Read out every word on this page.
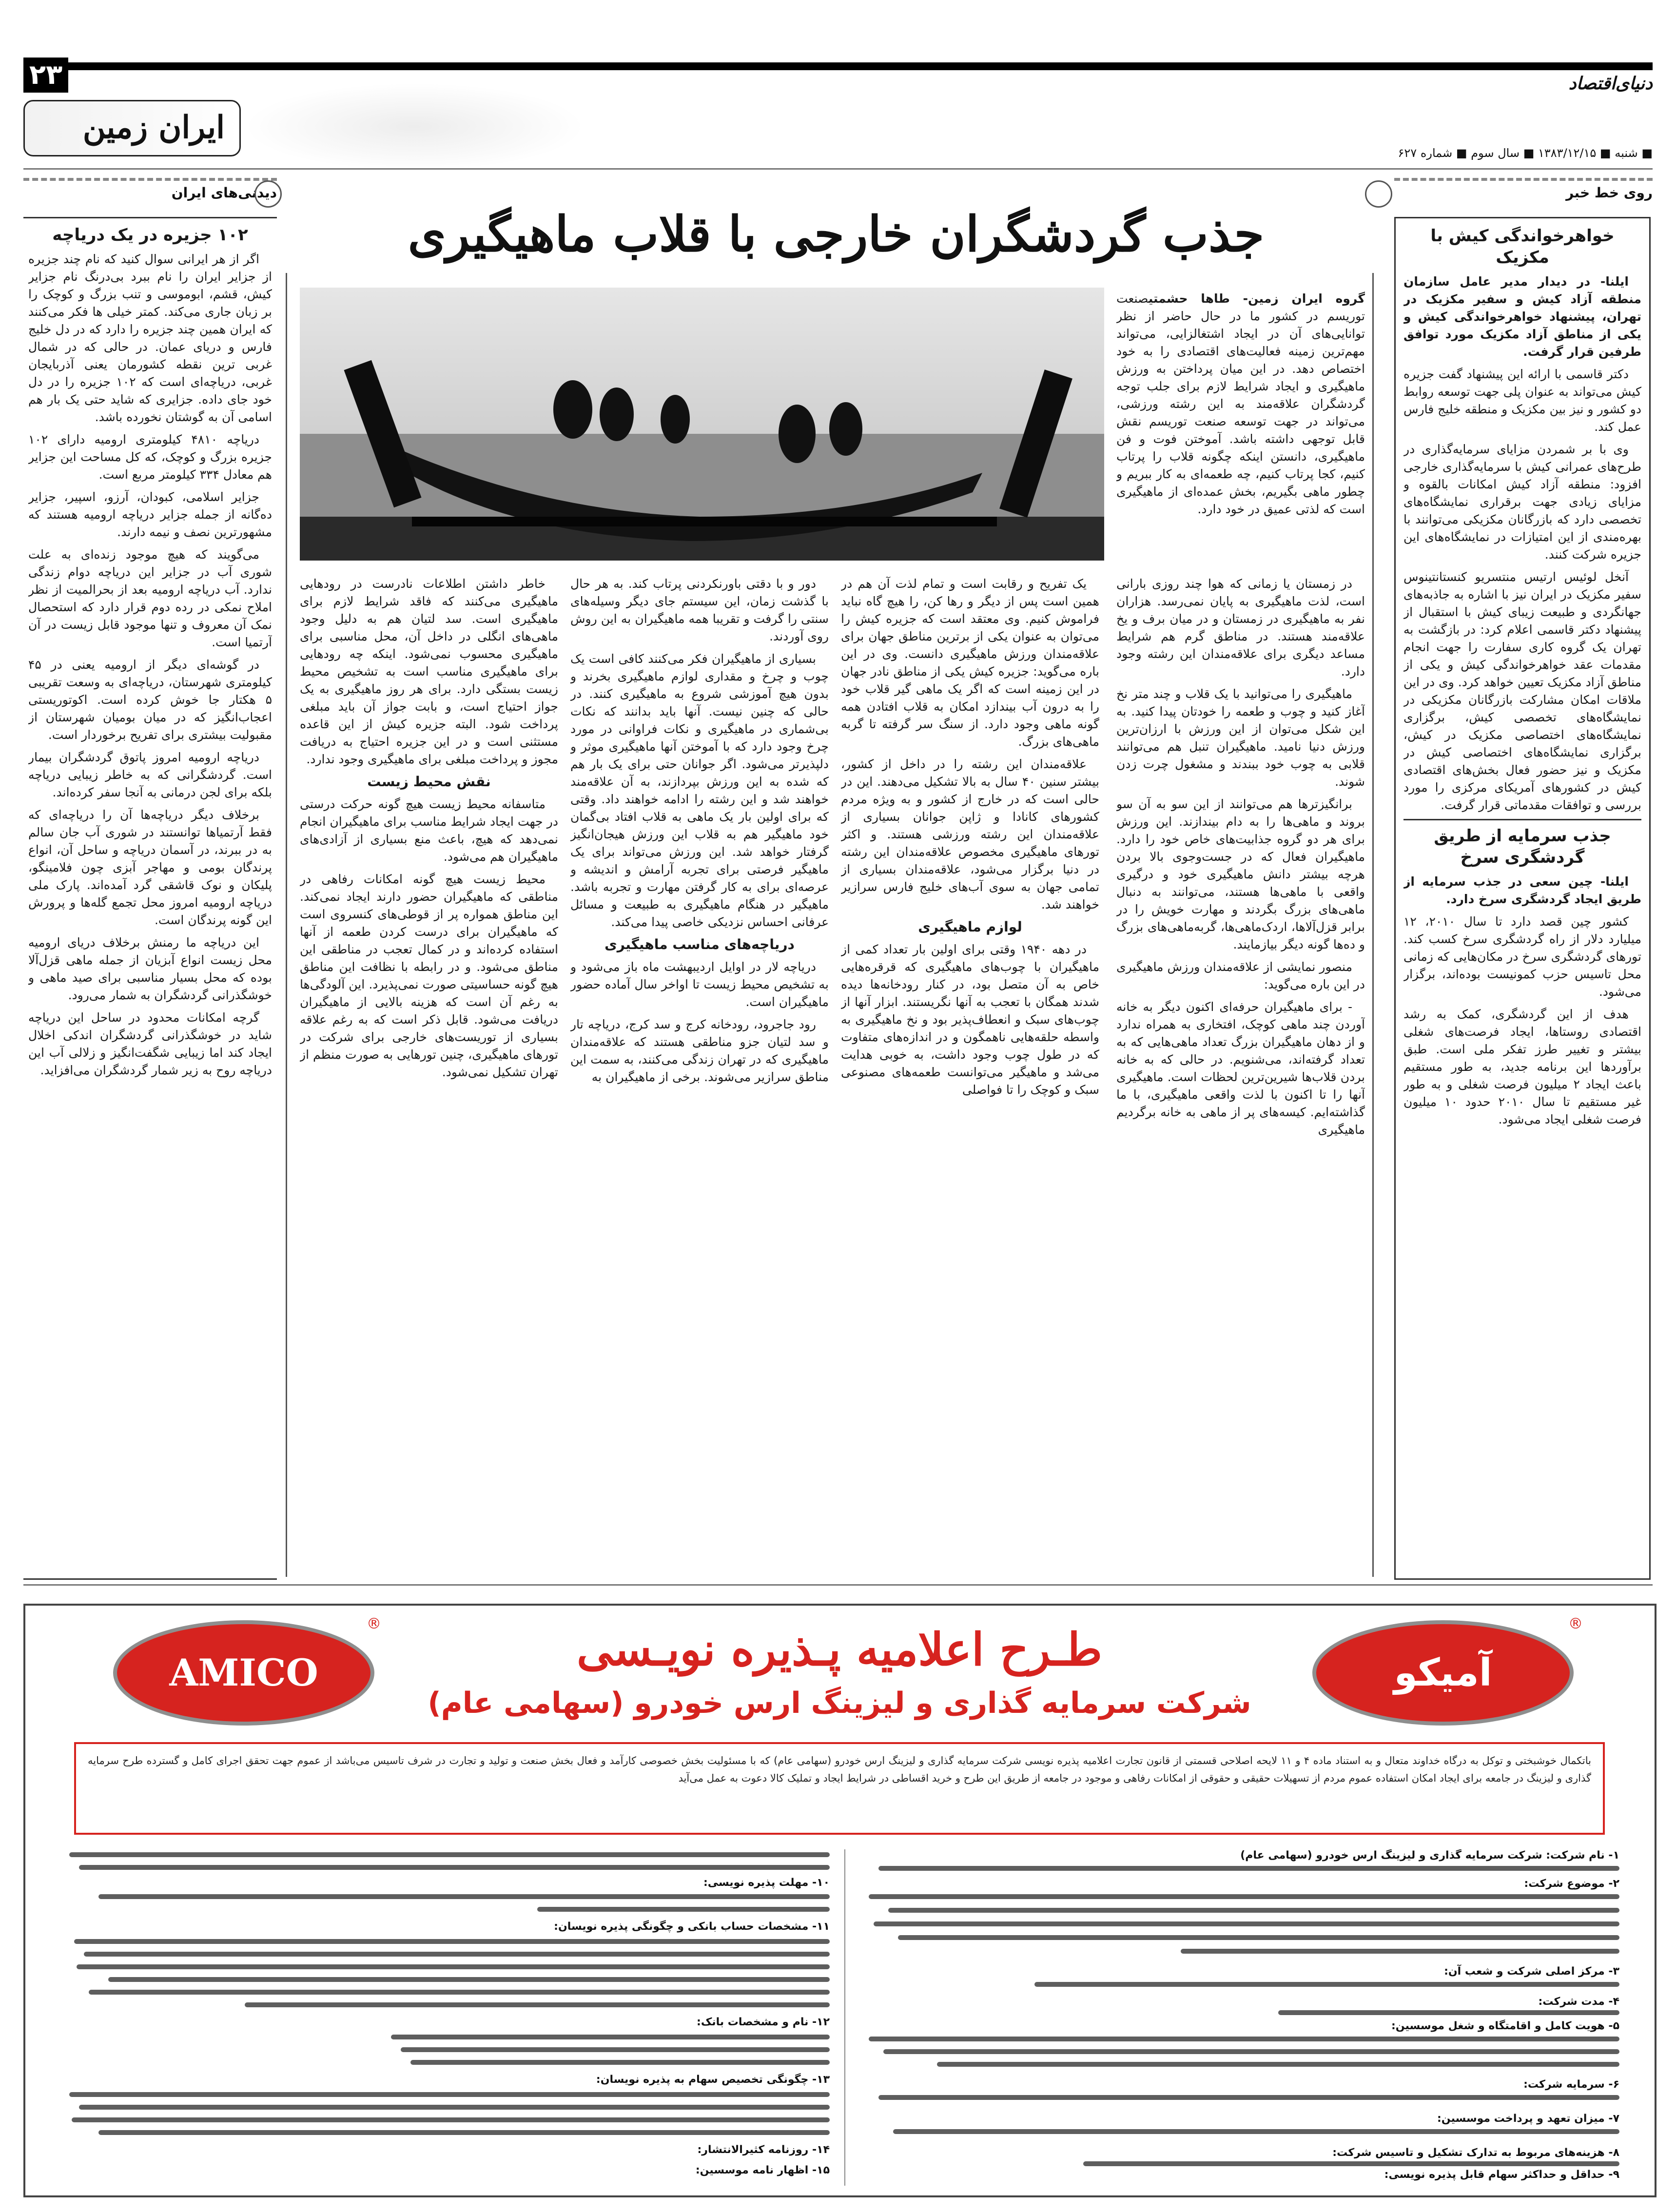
۲۳	دنیای‌اقتصاد
■ شنبه ■ ۱۳۸۳/۱۲/۱۵ ■ سال سوم ■ شماره ۶۲۷
ایران زمین
روی خط خبر

خواهرخواندگی کیش با مکزیک

ایلنا- در دیدار مدیر عامل سازمان منطقه آزاد کیش و سفیر مکزیک در تهران، پیشنهاد خواهرخواندگی کیش و یکی از مناطق آزاد مکزیک مورد توافق طرفین قرار گرفت.

دکتر قاسمی با ارائه این پیشنهاد گفت جزیره کیش می‌تواند به عنوان پلی جهت توسعه روابط دو کشور و نیز بین مکزیک و منطقه خلیج فارس عمل کند.

وی با بر شمردن مزایای سرمایه‌گذاری در طرح‌های عمرانی کیش با سرمایه‌گذاری خارجی افزود: منطقه آزاد کیش امکانات بالقوه و مزایای زیادی جهت برقراری نمایشگاه‌های تخصصی دارد که بازرگانان مکزیکی می‌توانند با بهره‌مندی از این امتیازات در نمایشگاه‌های این جزیره شرکت کنند.

آنخل لوئیس ارتیس منتسریو کنستانتینوس سفیر مکزیک در ایران نیز با اشاره به جاذبه‌های جهانگردی و طبیعت زیبای کیش با استقبال از پیشنهاد دکتر قاسمی اعلام کرد: در بازگشت به تهران یک گروه کاری سفارت را جهت انجام مقدمات عقد خواهرخواندگی کیش و یکی از مناطق آزاد مکزیک تعیین خواهد کرد. وی در این ملاقات امکان مشارکت بازرگانان مکزیکی در نمایشگاه‌های تخصصی کیش، برگزاری نمایشگاه‌های اختصاصی مکزیک در کیش، برگزاری نمایشگاه‌های اختصاصی کیش در مکزیک و نیز حضور فعال بخش‌های اقتصادی کیش در کشورهای آمریکای مرکزی را مورد بررسی و توافقات مقدماتی قرار گرفت.

جذب سرمایه از طریق گردشگری سرخ

ایلنا- چین سعی در جذب سرمایه از طریق ایجاد گردشگری سرخ دارد.

کشور چین قصد دارد تا سال ۲۰۱۰، ۱۲ میلیارد دلار از راه گردشگری سرخ کسب کند. تورهای گردشگری سرخ در مکان‌هایی که زمانی محل تاسیس حزب کمونیست بوده‌اند، برگزار می‌شود.

هدف از این گردشگری، کمک به رشد اقتصادی روستاها، ایجاد فرصت‌های شغلی بیشتر و تغییر طرز تفکر ملی است. طبق برآورد‌ها این برنامه جدید، به طور مستقیم باعث ایجاد ۲ میلیون فرصت شغلی و به طور غیر مستقیم تا سال ۲۰۱۰ حدود ۱۰ میلیون فرصت شغلی ایجاد می‌شود.

دیدنی‌های ایران

۱۰۲ جزیره در یک دریاچه

اگر از هر ایرانی سوال کنید که نام چند جزیره از جزایر ایران را نام ببرد بی‌درنگ نام جزایر کیش، قشم، ابوموسی و تنب بزرگ و کوچک را بر زبان جاری می‌کند. کمتر خیلی ها فکر می‌کنند که ایران همین چند جزیره را دارد که در دل خلیج فارس و دریای عمان. در حالی که در شمال غربی ترین نقطه کشورمان یعنی آذربایجان غربی، دریاچه‌ای است که ۱۰۲ جزیره را در دل خود جای داده. جزایری که شاید حتی یک بار هم اسامی آن به گوشتان نخورده باشد.

دریاچه ۴۸۱۰ کیلومتری ارومیه دارای ۱۰۲ جزیره بزرگ و کوچک، که کل مساحت این جزایر هم معادل ۳۳۴ کیلومتر مربع است.

جزایر اسلامی، کبودان، آرزو، اسپیر، جزایر ده‌گانه از جمله جزایر دریاچه ارومیه هستند که مشهورترین نصف و نیمه دارند.

می‌گویند که هیچ موجود زنده‌ای به علت شوری آب در جزایر این دریاچه دوام زندگی ندارد. آب دریاچه ارومیه بعد از بحرالمیت از نظر املاح نمکی در رده دوم قرار دارد که استحصال نمک آن معروف و تنها موجود قابل زیست در آن آرتمیا است.

در گوشه‌ای دیگر از ارومیه یعنی در ۴۵ کیلومتری شهرستان، دریاچه‌ای به وسعت تقریبی ۵ هکتار جا خوش کرده است. اکوتوریستی اعجاب‌انگیز که در میان بومیان شهرستان از مقبولیت بیشتری برای تفریح برخوردار است.

دریاچه ارومیه امروز پاتوق گردشگران بیمار است. گردشگرانی که به خاطر زیبایی دریاچه بلکه برای لجن درمانی به آنجا سفر کرده‌اند.

برخلاف دیگر دریاچه‌ها آن را دریاچه‌ای که فقط آرتمیاها توانستند در شوری آب جان سالم به در ببرند، در آسمان دریاچه و ساحل آن، انواع پرندگان بومی و مهاجر آبزی چون فلامینگو، پلیکان و نوک قاشقی گرد آمده‌اند. پارک ملی دریاچه ارومیه امروز محل تجمع گله‌ها و پرورش این گونه پرندگان است.

این دریاچه ما رمنش برخلاف دریای ارومیه محل زیست انواع آبزیان از جمله ماهی قزل‌آلا بوده که محل بسیار مناسبی برای صید ماهی و خوشگذرانی گردشگران به شمار می‌رود.

گرچه امکانات محدود در ساحل این دریاچه شاید در خوشگذرانی گردشگران اندکی اخلال ایجاد کند اما زیبایی شگفت‌انگیز و زلالی آب این دریاچه روح به زیر شمار گردشگران می‌افزاید.

جذب گردشگران خارجی با قلاب ماهیگیری

گروه ایران زمین- طاها حشمتیصنعت توریسم در کشور ما در حال حاضر از نظر توانایی‌های آن در ایجاد اشتغالزایی، می‌تواند مهم‌ترین زمینه فعالیت‌های اقتصادی را به خود اختصاص دهد. در این میان پرداختن به ورزش ماهیگیری و ایجاد شرایط لازم برای جلب توجه گردشگران علاقه‌مند به این رشته ورزشی، می‌تواند در جهت توسعه صنعت توریسم نقش قابل توجهی داشته باشد. آموختن فوت و فن ماهیگیری، دانستن اینکه چگونه قلاب را پرتاب کنیم، کجا پرتاب کنیم، چه طعمه‌ای به کار ببریم و چطور ماهی بگیریم، بخش عمده‌ای از ماهیگیری است که لذتی عمیق در خود دارد.

در زمستان یا زمانی که هوا چند روزی بارانی است، لذت ماهیگیری به پایان نمی‌رسد. هزاران نفر به ماهیگیری در زمستان و در میان برف و یخ علاقه‌مند هستند. در مناطق گرم هم شرایط مساعد دیگری برای علاقه‌مندان این رشته وجود دارد.

ماهیگیری را می‌توانید با یک قلاب و چند متر نخ آغاز کنید و چوب و طعمه را خودتان پیدا کنید. به این شکل می‌توان از این ورزش با ارزان‌ترین ورزش دنیا نامید. ماهیگیران تنبل هم می‌توانند قلابی به چوب خود ببندند و مشغول چرت زدن شوند.

برانگیزترها هم می‌توانند از این سو به آن سو بروند و ماهی‌ها را به دام بیندازند. این ورزش برای هر دو گروه جذابیت‌های خاص خود را دارد. ماهیگیران فعال که در جست‌وجوی بالا بردن هرچه بیشتر دانش ماهیگیری خود و درگیری واقعی با ماهی‌ها هستند، می‌توانند به دنبال ماهی‌های بزرگ بگردند و مهارت خویش را در برابر قزل‌آلاها، اردک‌ماهی‌ها، گربه‌ماهی‌های بزرگ و ده‌ها گونه دیگر بیازمایند.

منصور نمایشی از علاقه‌مندان ورزش ماهیگیری در این باره می‌گوید:

- برای ماهیگیران حرفه‌ای اکنون دیگر به خانه آوردن چند ماهی کوچک، افتخاری به همراه ندارد و از دهان ماهیگیران بزرگ تعداد ماهی‌هایی که به تعداد گرفته‌اند، می‌شنویم. در حالی که به خانه بردن قلاب‌ها شیرین‌ترین لحظات است. ماهیگیری آنها را تا اکنون با لذت واقعی ماهیگیری، با ما گذاشته‌ایم. کیسه‌های پر از ماهی به خانه برگردیم ماهیگیری

یک تفریح و رقابت است و تمام لذت آن هم در همین است پس از دیگر و رها کن، را هیچ گاه نباید فراموش کنیم. وی معتقد است که جزیره کیش را می‌توان به عنوان یکی از برترین مناطق جهان برای علاقه‌مندان ورزش ماهیگیری دانست. وی در این باره می‌گوید: جزیره کیش یکی از مناطق نادر جهان در این زمینه است که اگر یک ماهی گیر قلاب خود را به درون آب بیندازد امکان به قلاب افتادن همه گونه ماهی وجود دارد. از سنگ سر گرفته تا گربه ماهی‌های بزرگ.

علاقه‌مندان این رشته را در داخل از کشور، بیشتر سنین ۴۰ سال به بالا تشکیل می‌دهند. این در حالی است که در خارج از کشور و به ویژه مردم کشورهای کانادا و ژاپن جوانان بسیاری از علاقه‌مندان این رشته ورزشی هستند. و اکثر تورهای ماهیگیری مخصوص علاقه‌مندان این رشته در دنیا برگزار می‌شود، علاقه‌مندان بسیاری از تمامی جهان به سوی آب‌های خلیج فارس سرازیر خواهند شد.

لوازم ماهیگیری

در دهه ۱۹۴۰ وقتی برای اولین بار تعداد کمی از ماهیگیران با چوب‌های ماهیگیری که قرقره‌هایی خاص به آن متصل بود، در کنار رودخانه‌ها دیده شدند همگان با تعجب به آنها نگریستند. ابزار آنها از چوب‌های سبک و انعطاف‌پذیر بود و نخ ماهیگیری به واسطه حلقه‌هایی ناهمگون و در اندازه‌های متفاوت که در طول چوب وجود داشت، به خوبی هدایت می‌شد و ماهیگیر می‌توانست طعمه‌های مصنوعی سبک و کوچک را تا فواصلی

دور و با دقتی باورنکردنی پرتاب کند. به هر حال با گذشت زمان، این سیستم جای دیگر وسیله‌های سنتی را گرفت و تقریبا همه ماهیگیران به این روش روی آوردند.

بسیاری از ماهیگیران فکر می‌کنند کافی است یک چوب و چرخ و مقداری لوازم ماهیگیری بخرند و بدون هیچ آموزشی شروع به ماهیگیری کنند. در حالی که چنین نیست. آنها باید بدانند که نکات بی‌شماری در ماهیگیری و نکات فراوانی در مورد چرخ وجود دارد که با آموختن آنها ماهیگیری موثر و دلپذیرتر می‌شود. اگر جوانان حتی برای یک بار هم که شده به این ورزش بپردازند، به آن علاقه‌مند خواهند شد و این رشته را ادامه خواهند داد. وقتی که برای اولین بار یک ماهی به قلاب افتاد بی‌گمان خود ماهیگیر هم به قلاب این ورزش هیجان‌انگیز گرفتار خواهد شد. این ورزش می‌تواند برای یک ماهیگیر فرصتی برای تجربه آرامش و اندیشه و عرصه‌ای برای به کار گرفتن مهارت و تجربه باشد. ماهیگیر در هنگام ماهیگیری به طبیعت و مسائل عرفانی احساس نزدیکی خاصی پیدا می‌کند.

دریاچه‌های مناسب ماهیگیری

دریاچه لار در اوایل اردیبهشت ماه باز می‌شود و به تشخیص محیط زیست تا اواخر سال آماده حضور ماهیگیران است.

رود جاجرود، رودخانه کرج و سد کرج، دریاچه تار و سد لتیان جزو مناطقی هستند که علاقه‌مندان ماهیگیری که در تهران زندگی می‌کنند، به سمت این مناطق سرازیر می‌شوند. برخی از ماهیگیران به

خاطر داشتن اطلاعات نادرست در رودهایی ماهیگیری می‌کنند که فاقد شرایط لازم برای ماهیگیری است. سد لتیان هم به دلیل وجود ماهی‌های انگلی در داخل آن، محل مناسبی برای ماهیگیری محسوب نمی‌شود. اینکه چه رودهایی برای ماهیگیری مناسب است به تشخیص محیط زیست بستگی دارد. برای هر روز ماهیگیری به یک جواز احتیاج است، و بابت جواز آن باید مبلغی پرداخت شود. البته جزیره کیش از این قاعده مستثنی است و در این جزیره احتیاج به دریافت مجوز و پرداخت مبلغی برای ماهیگیری وجود ندارد.

نقش محیط زیست

متاسفانه محیط زیست هیچ گونه حرکت درستی در جهت ایجاد شرایط مناسب برای ماهیگیران انجام نمی‌دهد که هیچ، باعث منع بسیاری از آزادی‌های ماهیگیران هم می‌شود.

محیط زیست هیچ گونه امکانات رفاهی در مناطقی که ماهیگیران حضور دارند ایجاد نمی‌کند. این مناطق همواره پر از قوطی‌های کنسروی است که ماهیگیران برای درست کردن طعمه از آنها استفاده کرده‌اند و در کمال تعجب در مناطقی این مناطق می‌شود. و در رابطه با نظافت این مناطق هیچ گونه حساسیتی صورت نمی‌پذیرد. این آلودگی‌ها به رغم آن است که هزینه بالایی از ماهیگیران دریافت می‌شود. قابل ذکر است که به رغم علاقه بسیاری از توریست‌های خارجی برای شرکت در تورهای ماهیگیری، چنین تورهایی به صورت منظم از تهران تشکیل نمی‌شود.

طـرح اعلامیه پـذیره نویـسی
شرکت سرمایه گذاری و لیزینگ ارس خودرو (سهامی عام)
AMICO
®
آمیکو
®
باتکمال خوشبختی و توکل به درگاه خداوند متعال و به استناد ماده ۴ و ۱۱ لایحه اصلاحی قسمتی از قانون تجارت اعلامیه پذیره نویسی شرکت سرمایه گذاری و لیزینگ ارس خودرو (سهامی عام) که با مسئولیت بخش خصوصی کارآمد و فعال بخش صنعت و تولید و تجارت در شرف تاسیس می‌باشد از عموم جهت تحقق اجرای کامل و گسترده طرح سرمایه گذاری و لیزینگ در جامعه برای ایجاد امکان استفاده عموم مردم از تسهیلات حقیقی و حقوقی از امکانات رفاهی و موجود در جامعه از طریق این طرح و خرید اقساطی در شرایط ایجاد و تملیک کالا دعوت به عمل می‌آید
۱- نام شرکت: شرکت سرمایه گذاری و لیزینگ ارس خودرو (سهامی عام)
۲- موضوع شرکت:
۳- مرکز اصلی شرکت و شعب آن:
۴- مدت شرکت:
۵- هویت کامل و اقامتگاه و شغل موسسین:
۶- سرمایه شرکت:
۷- میزان تعهد و پرداخت موسسین:
۸- هزینه‌های مربوط به تدارک تشکیل و تاسیس شرکت:
۹- حداقل و حداکثر سهام قابل پذیره نویسی:
۱۰- مهلت پذیره نویسی:
۱۱- مشخصات حساب بانکی و چگونگی پذیره نویسان:
۱۲- نام و مشخصات بانک:
۱۳- چگونگی تخصیص سهام به پذیره نویسان:
۱۴- روزنامه کثیرالانتشار:
۱۵- اظهار نامه موسسین:
